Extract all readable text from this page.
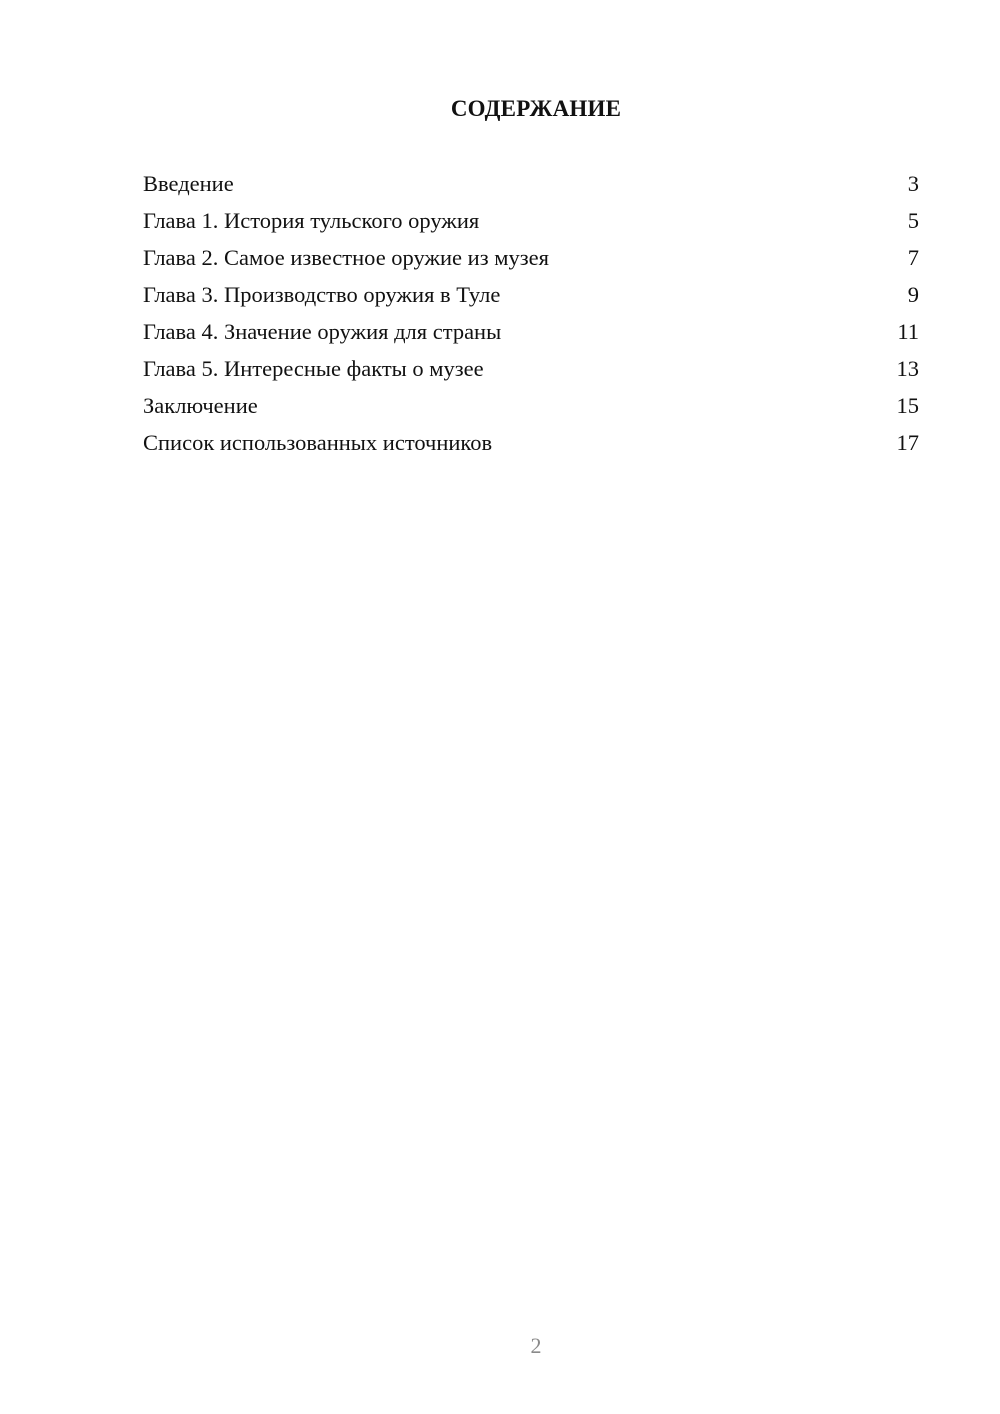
СОДЕРЖАНИЕ
Введение	3
Глава 1. История тульского оружия	5
Глава 2. Самое известное оружие из музея	7
Глава 3. Производство оружия в Туле	9
Глава 4. Значение оружия для страны	11
Глава 5. Интересные факты о музее	13
Заключение	15
Список использованных источников	17
2
